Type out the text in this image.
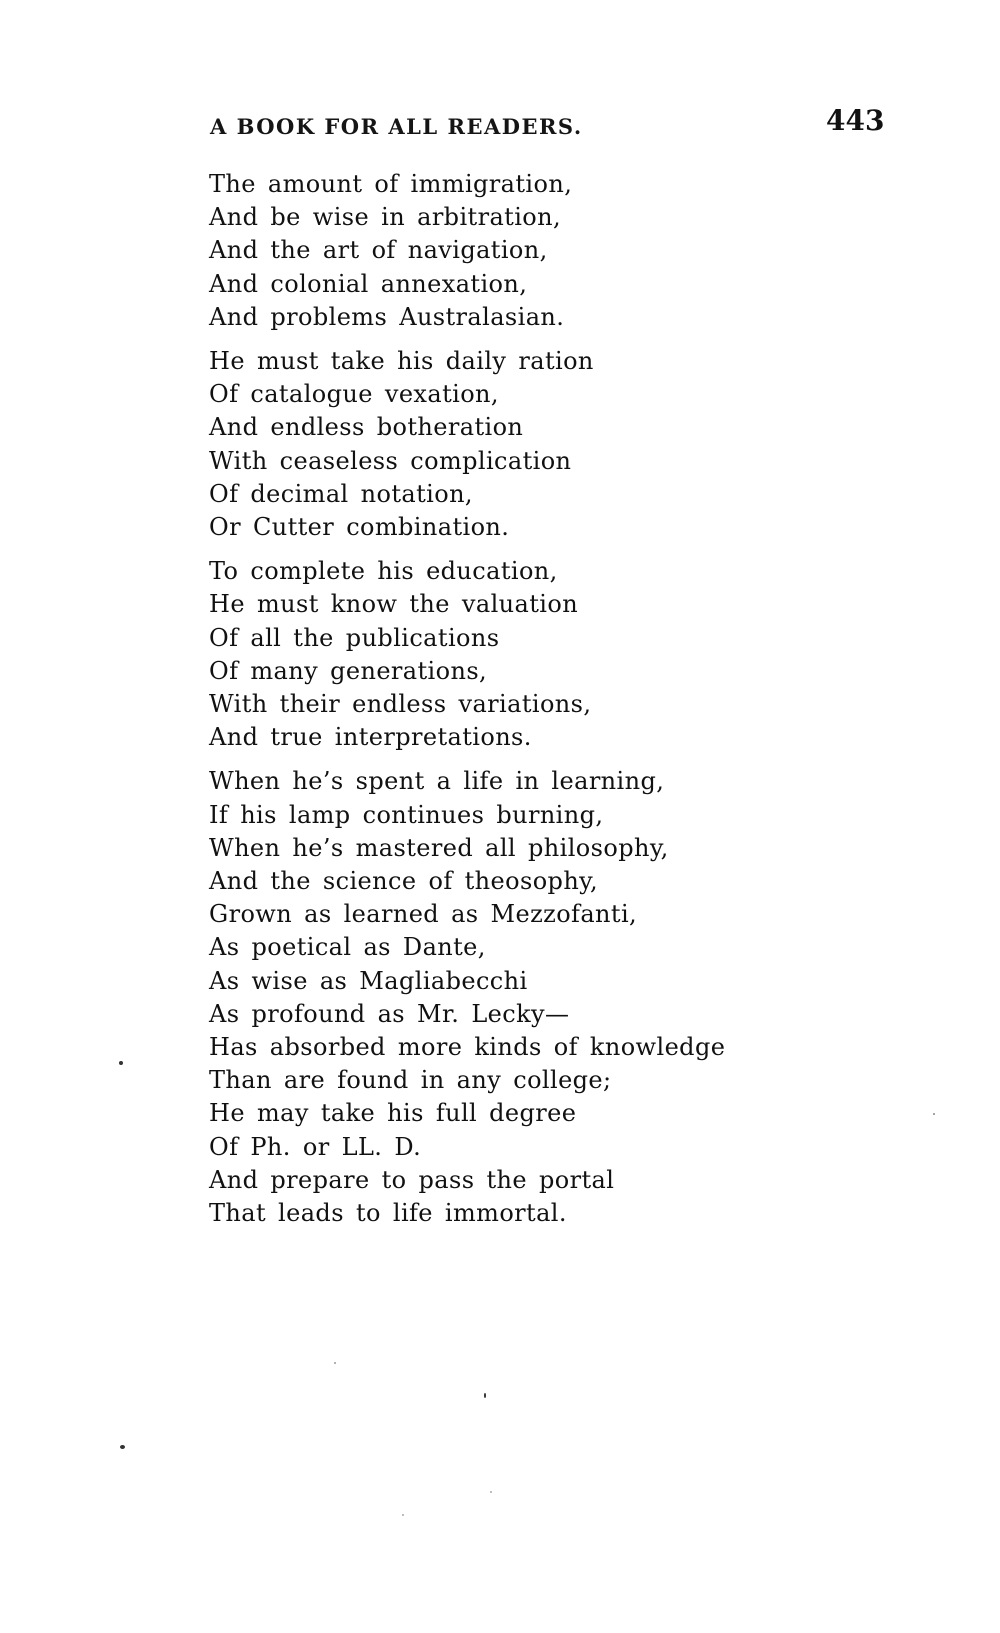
A BOOK FOR ALL READERS.	443
The amount of immigration,
And be wise in arbitration,
And the art of navigation,
And colonial annexation,
And problems Australasian.
He must take his daily ration
Of catalogue vexation,
And endless botheration
With ceaseless complication
Of decimal notation,
Or Cutter combination.
To complete his education,
He must know the valuation
Of all the publications
Of many generations,
With their endless variations,
And true interpretations.
When he’s spent a life in learning,
If his lamp continues burning,
When he’s mastered all philosophy,
And the science of theosophy,
Grown as learned as Mezzofanti,
As poetical as Dante,
As wise as Magliabecchi
As profound as Mr. Lecky—
Has absorbed more kinds of knowledge
Than are found in any college;
He may take his full degree
Of Ph. or LL. D.
And prepare to pass the portal
That leads to life immortal.
